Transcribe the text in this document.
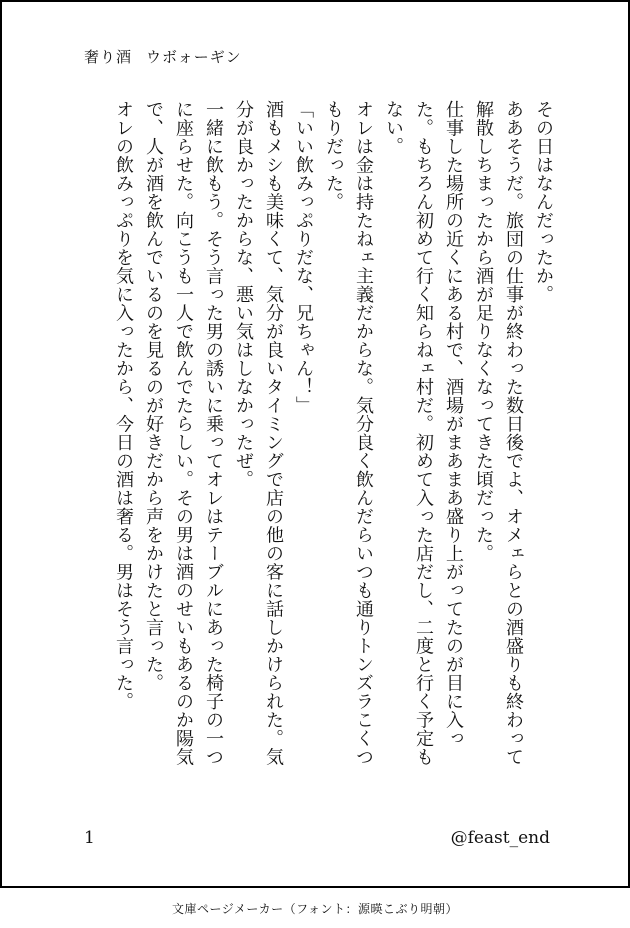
奢り酒 ウボォーギン

その日はなんだったか。

ああそうだ。旅団の仕事が終わった数日後でよ、オメェらとの酒盛りも終わって解散しちまったから酒が足りなくなってきた頃だった。

仕事した場所の近くにある村で、酒場がまあまあ盛り上がってたのが目に入った。もちろん初めて行く知らねェ村だ。初めて入った店だし、二度と行く予定もない。

オレは金は持たねェ主義だからな。気分良く飲んだらいつも通りトンズラこくつもりだった。

「いい飲みっぷりだな、兄ちゃん！」

酒もメシも美味くて、気分が良いタイミングで店の他の客に話しかけられた。気分が良かったからな、悪い気はしなかったぜ。

一緒に飲もう。そう言った男の誘いに乗ってオレはテーブルにあった椅子の一つに座らせた。向こうも一人で飲んでたらしい。その男は酒のせいもあるのか陽気で、人が酒を飲んでいるのを見るのが好きだから声をかけたと言った。

オレの飲みっぷりを気に入ったから、今日の酒は奢る。男はそう言った。

1	@feast_end
文庫ページメーカー（フォント：源暎こぶり明朝）
